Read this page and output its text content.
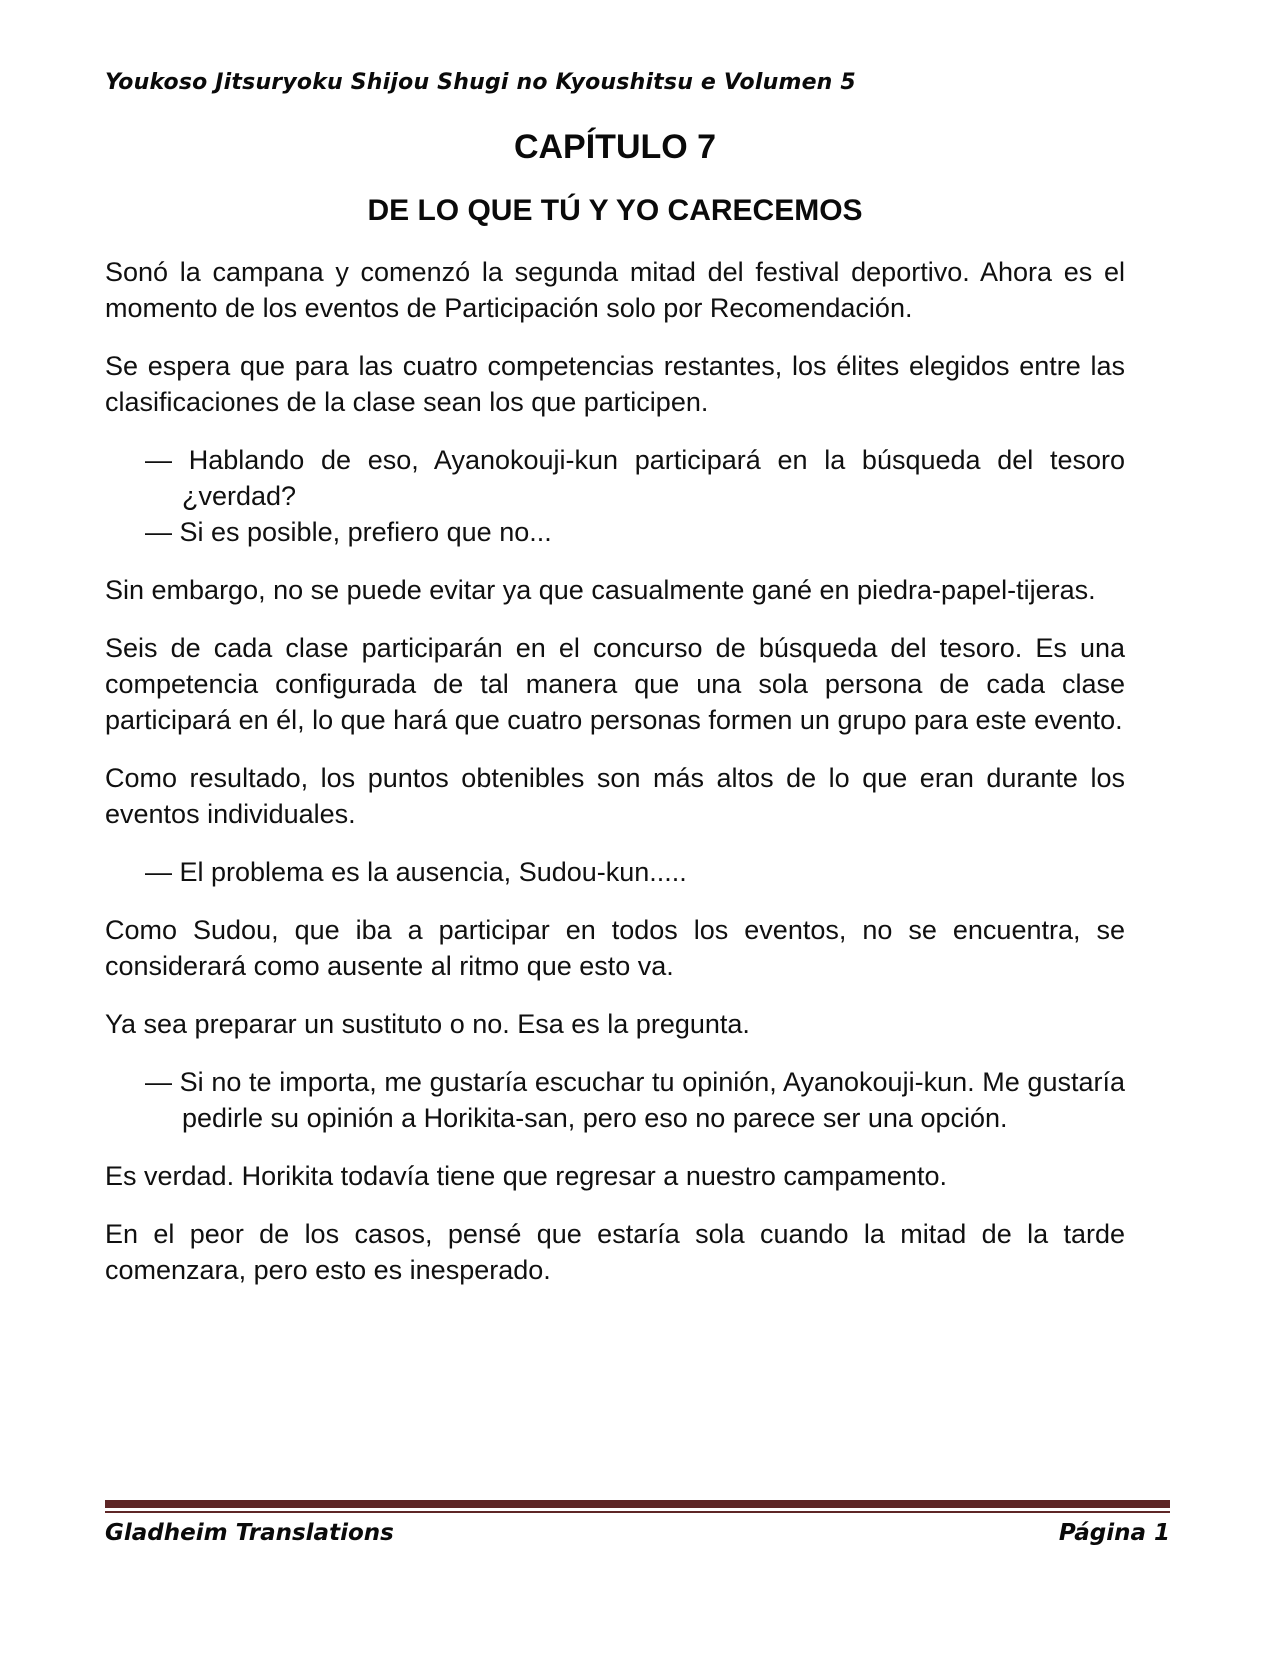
Youkoso Jitsuryoku Shijou Shugi no Kyoushitsu e Volumen 5
CAPÍTULO 7
DE LO QUE TÚ Y YO CARECEMOS

Sonó la campana y comenzó la segunda mitad del festival deportivo. Ahora es el momento de los eventos de Participación solo por Recomendación.

Se espera que para las cuatro competencias restantes, los élites elegidos entre las clasificaciones de la clase sean los que participen.

— Hablando de eso, Ayanokouji-kun participará en la búsqueda del tesoro ¿verdad?

— Si es posible, prefiero que no...

Sin embargo, no se puede evitar ya que casualmente gané en piedra-papel-tijeras.

Seis de cada clase participarán en el concurso de búsqueda del tesoro. Es una competencia configurada de tal manera que una sola persona de cada clase participará en él, lo que hará que cuatro personas formen un grupo para este evento.

Como resultado, los puntos obtenibles son más altos de lo que eran durante los eventos individuales.

— El problema es la ausencia, Sudou-kun.....

Como Sudou, que iba a participar en todos los eventos, no se encuentra, se considerará como ausente al ritmo que esto va.

Ya sea preparar un sustituto o no. Esa es la pregunta.

— Si no te importa, me gustaría escuchar tu opinión, Ayanokouji-kun. Me gustaría pedirle su opinión a Horikita-san, pero eso no parece ser una opción.

Es verdad. Horikita todavía tiene que regresar a nuestro campamento.

En el peor de los casos, pensé que estaría sola cuando la mitad de la tarde comenzara, pero esto es inesperado.

Gladheim Translations	Página 1
